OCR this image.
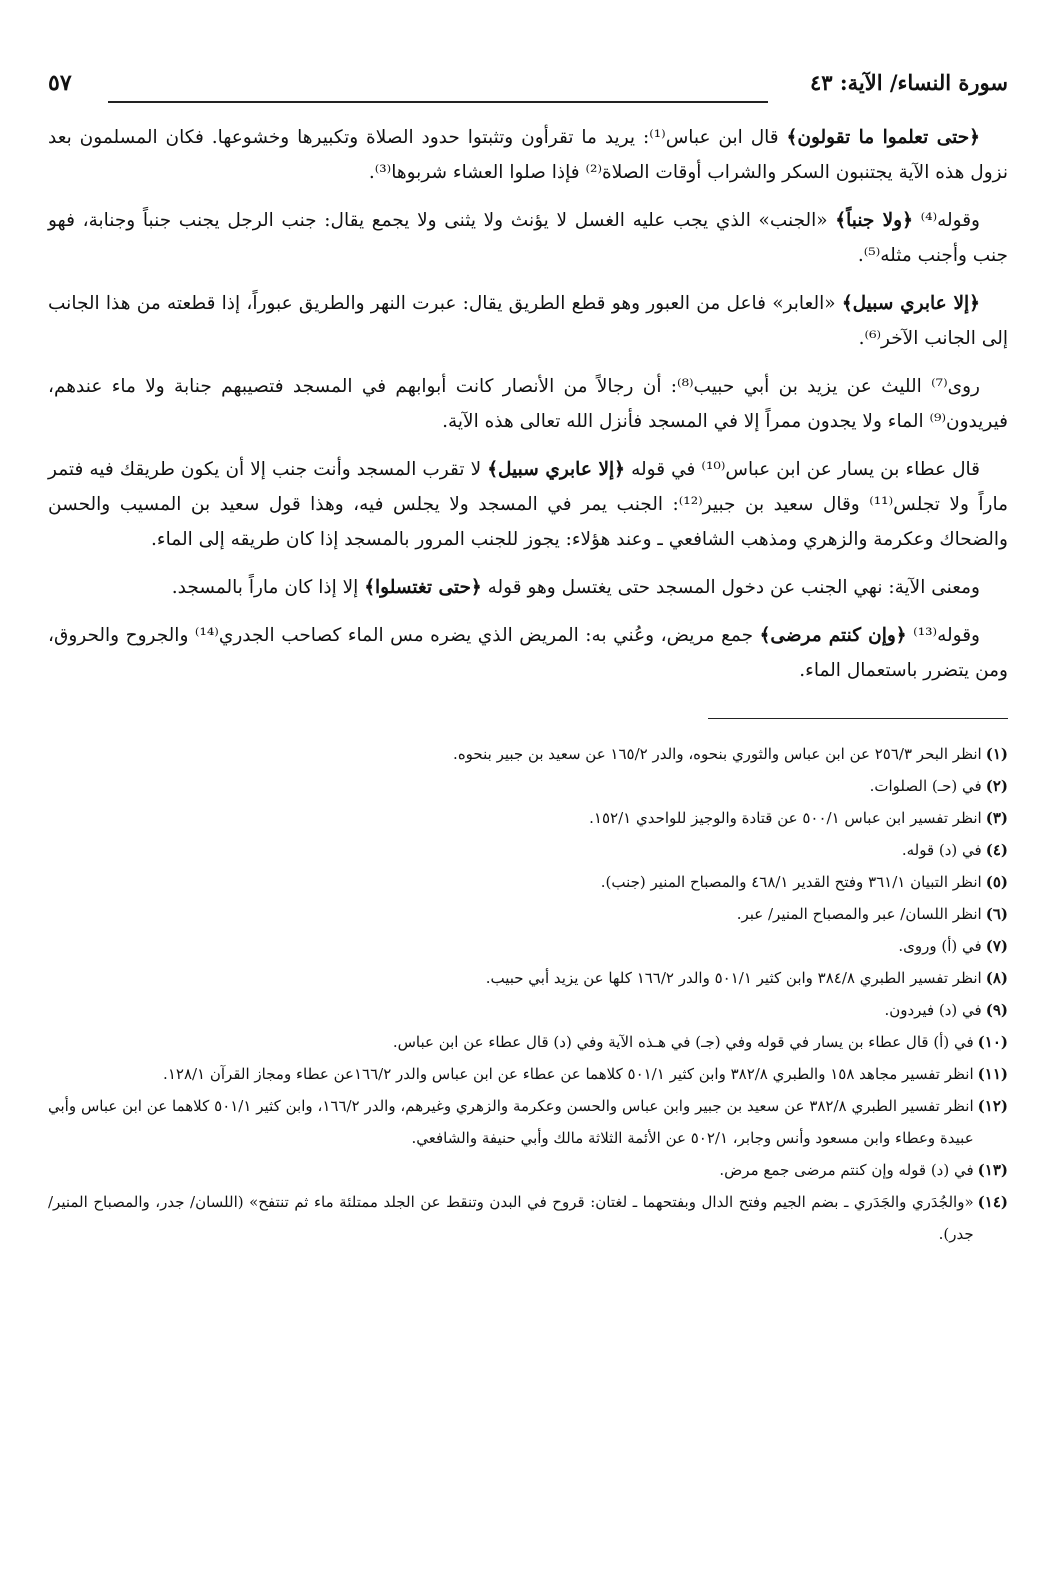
سورة النساء/ الآية: ٤٣
٥٧

﴿حتى تعلموا ما تقولون﴾ قال ابن عباس⁽¹⁾: يريد ما تقرأون وتثبتوا حدود الصلاة وتكبيرها وخشوعها. فكان المسلمون بعد نزول هذه الآية يجتنبون السكر والشراب أوقات الصلاة⁽²⁾ فإذا صلوا العشاء شربوها⁽³⁾.

وقوله⁽⁴⁾ ﴿ولا جنباً﴾ «الجنب» الذي يجب عليه الغسل لا يؤنث ولا يثنى ولا يجمع يقال: جنب الرجل يجنب جنباً وجنابة، فهو جنب وأجنب مثله⁽⁵⁾.

﴿إلا عابري سبيل﴾ «العابر» فاعل من العبور وهو قطع الطريق يقال: عبرت النهر والطريق عبوراً، إذا قطعته من هذا الجانب إلى الجانب الآخر⁽⁶⁾.

روى⁽⁷⁾ الليث عن يزيد بن أبي حبيب⁽⁸⁾: أن رجالاً من الأنصار كانت أبوابهم في المسجد فتصيبهم جنابة ولا ماء عندهم، فيريدون⁽⁹⁾ الماء ولا يجدون ممراً إلا في المسجد فأنزل الله تعالى هذه الآية.

قال عطاء بن يسار عن ابن عباس⁽¹⁰⁾ في قوله ﴿إلا عابري سبيل﴾ لا تقرب المسجد وأنت جنب إلا أن يكون طريقك فيه فتمر ماراً ولا تجلس⁽¹¹⁾ وقال سعيد بن جبير⁽¹²⁾: الجنب يمر في المسجد ولا يجلس فيه، وهذا قول سعيد بن المسيب والحسن والضحاك وعكرمة والزهري ومذهب الشافعي ـ وعند هؤلاء: يجوز للجنب المرور بالمسجد إذا كان طريقه إلى الماء.

ومعنى الآية: نهي الجنب عن دخول المسجد حتى يغتسل وهو قوله ﴿حتى تغتسلوا﴾ إلا إذا كان ماراً بالمسجد.

وقوله⁽¹³⁾ ﴿وإن كنتم مرضى﴾ جمع مريض، وعُني به: المريض الذي يضره مس الماء كصاحب الجدري⁽¹⁴⁾ والجروح والحروق، ومن يتضرر باستعمال الماء.

(١)
انظر البحر ٢٥٦/٣ عن ابن عباس والثوري بنحوه، والدر ١٦٥/٢ عن سعيد بن جبير بنحوه.
(٢)
في (حـ) الصلوات.
(٣)
انظر تفسير ابن عباس ٥٠٠/١ عن قتادة والوجيز للواحدي ١٥٢/١.
(٤)
في (د) قوله.
(٥)
انظر التبيان ٣٦١/١ وفتح القدير ٤٦٨/١ والمصباح المنير (جنب).
(٦)
انظر اللسان/ عبر والمصباح المنير/ عبر.
(٧)
في (أ) وروى.
(٨)
انظر تفسير الطبري ٣٨٤/٨ وابن كثير ٥٠١/١ والدر ١٦٦/٢ كلها عن يزيد أبي حبيب.
(٩)
في (د) فيردون.
(١٠)
في (أ) قال عطاء بن يسار في قوله وفي (جـ) في هـذه الآية وفي (د) قال عطاء عن ابن عباس.
(١١)
انظر تفسير مجاهد ١٥٨ والطبري ٣٨٢/٨ وابن كثير ٥٠١/١ كلاهما عن عطاء عن ابن عباس والدر ١٦٦/٢عن عطاء ومجاز القرآن ١٢٨/١.
(١٢)
انظر تفسير الطبري ٣٨٢/٨ عن سعيد بن جبير وابن عباس والحسن وعكرمة والزهري وغيرهم، والدر ١٦٦/٢، وابن كثير ٥٠١/١ كلاهما عن ابن عباس وأبي عبيدة وعطاء وابن مسعود وأنس وجابر، ٥٠٢/١ عن الأئمة الثلاثة مالك وأبي حنيفة والشافعي.
(١٣)
في (د) قوله وإن كنتم مرضى جمع مرض.
(١٤)
«والجُدَري والجَدَري ـ بضم الجيم وفتح الدال وبفتحهما ـ لغتان: قروح في البدن وتنقط عن الجلد ممتلئة ماء ثم تنتفح» (اللسان/ جدر، والمصباح المنير/ جدر).
